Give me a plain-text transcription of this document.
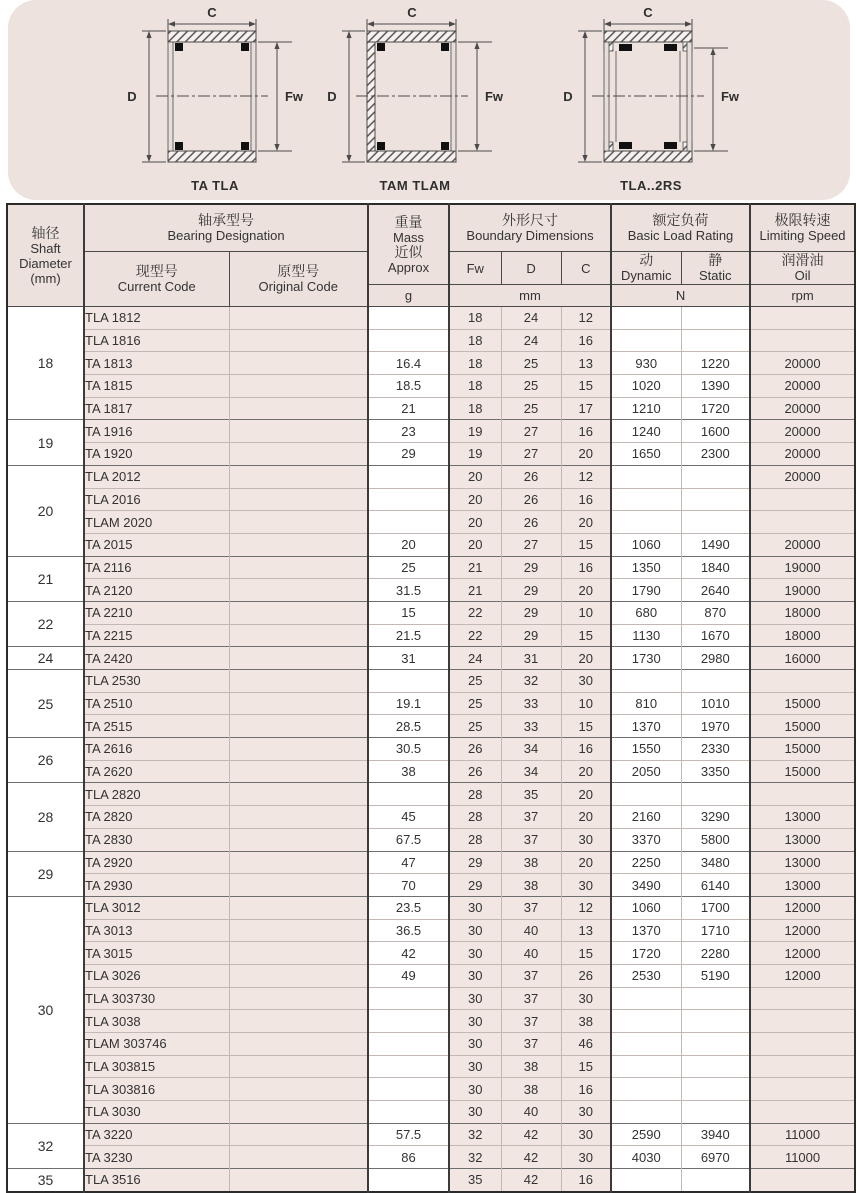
C
D	Fw
TA TLA
C
D	Fw
TAM TLAM
C
D	Fw
TLA..2RS
轴径
Shaft
Diameter
(mm)

轴承型号
Bearing Designation

重量
Mass
近似
Approx

外形尺寸
Boundary Dimensions

额定负荷
Basic Load Rating

极限转速
Limiting Speed

现型号
Current Code

原型号
Original Code
	Fw	D	C	动
Dynamic

静
Static

润滑油
Oil

			g	mm			N		rpm
18	TLA 1812			18	24	12			
	TLA 1816			18	24	16			
	TA 1813		16.4	18	25	13	930	1220	20000
	TA 1815		18.5	18	25	15	1020	1390	20000
	TA 1817		21	18	25	17	1210	1720	20000
19	TA 1916		23	19	27	16	1240	1600	20000
	TA 1920		29	19	27	20	1650	2300	20000
20	TLA 2012			20	26	12			20000
	TLA 2016			20	26	16			
	TLAM 2020			20	26	20			
	TA 2015		20	20	27	15	1060	1490	20000
21	TA 2116		25	21	29	16	1350	1840	19000
	TA 2120		31.5	21	29	20	1790	2640	19000
22	TA 2210		15	22	29	10	680	870	18000
	TA 2215		21.5	22	29	15	1130	1670	18000
24	TA 2420		31	24	31	20	1730	2980	16000
25	TLA 2530			25	32	30			
	TA 2510		19.1	25	33	10	810	1010	15000
	TA 2515		28.5	25	33	15	1370	1970	15000
26	TA 2616		30.5	26	34	16	1550	2330	15000
	TA 2620		38	26	34	20	2050	3350	15000
28	TLA 2820			28	35	20			
	TA 2820		45	28	37	20	2160	3290	13000
	TA 2830		67.5	28	37	30	3370	5800	13000
29	TA 2920		47	29	38	20	2250	3480	13000
	TA 2930		70	29	38	30	3490	6140	13000
30	TLA 3012		23.5	30	37	12	1060	1700	12000
	TA 3013		36.5	30	40	13	1370	1710	12000
	TA 3015		42	30	40	15	1720	2280	12000
	TLA 3026		49	30	37	26	2530	5190	12000
	TLA 303730			30	37	30			
	TLA 3038			30	37	38			
	TLAM 303746			30	37	46			
	TLA 303815			30	38	15			
	TLA 303816			30	38	16			
	TLA 3030			30	40	30			
32	TA 3220		57.5	32	42	30	2590	3940	11000
	TA 3230		86	32	42	30	4030	6970	11000
35	TLA 3516			35	42	16			
